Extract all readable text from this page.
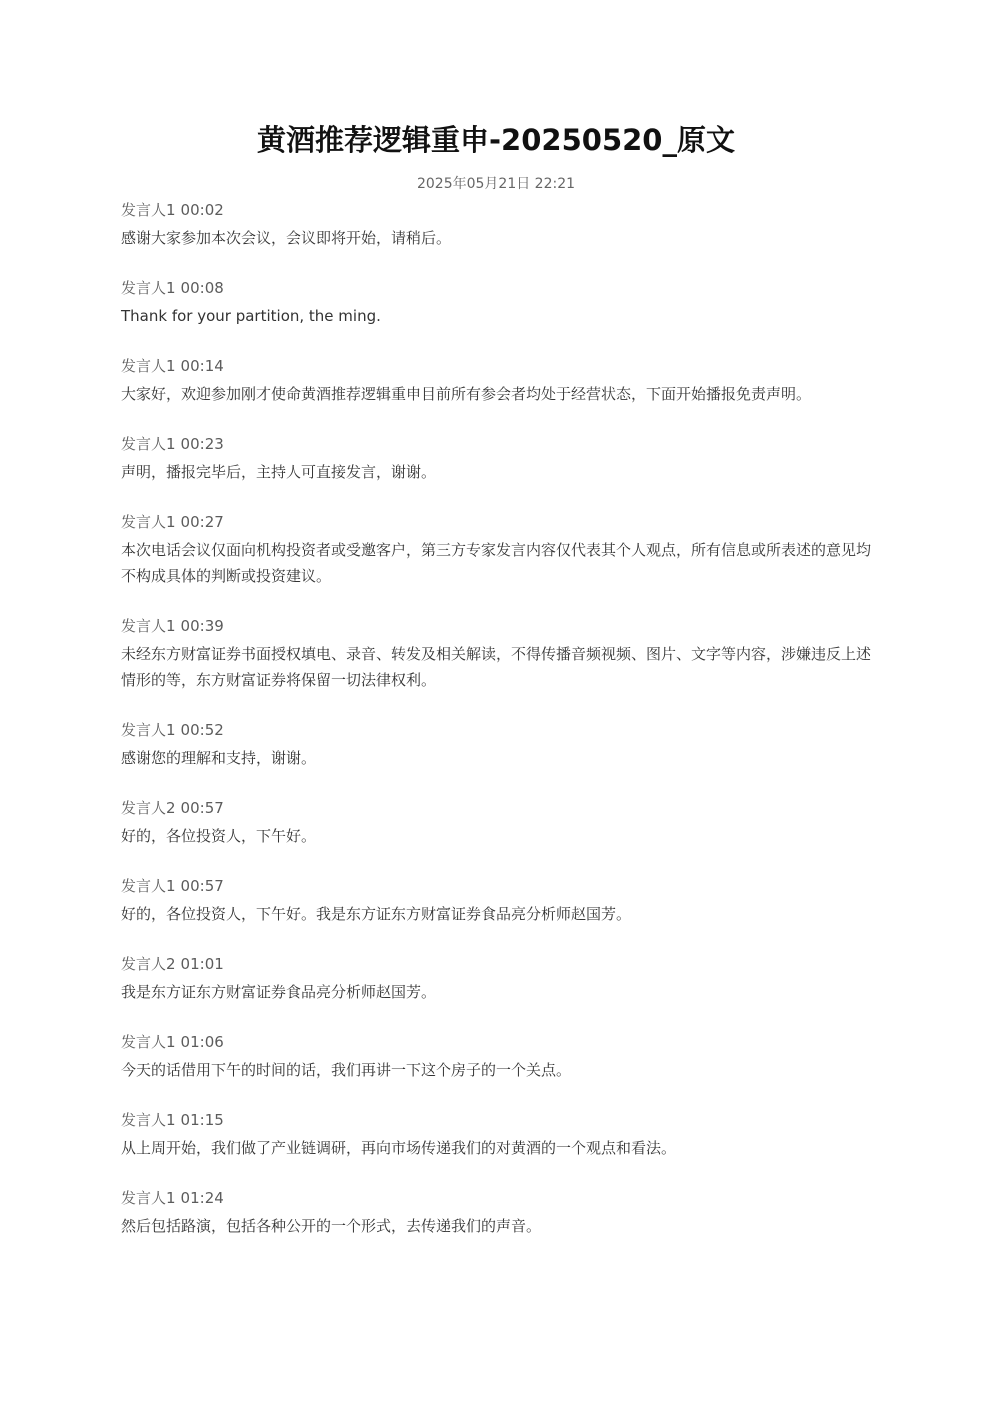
黄酒推荐逻辑重申-20250520_原文
2025年05月21日 22:21
发言人1 00:02

感谢大家参加本次会议，会议即将开始，请稍后。

发言人1 00:08

Thank for your partition, the ming.

发言人1 00:14

大家好，欢迎参加刚才使命黄酒推荐逻辑重申目前所有参会者均处于经营状态，下面开始播报免责声明。

发言人1 00:23

声明，播报完毕后，主持人可直接发言，谢谢。

发言人1 00:27

本次电话会议仅面向机构投资者或受邀客户，第三方专家发言内容仅代表其个人观点，所有信息或所表述的意见均不构成具体的判断或投资建议。

发言人1 00:39

未经东方财富证券书面授权填电、录音、转发及相关解读，不得传播音频视频、图片、文字等内容，涉嫌违反上述情形的等，东方财富证券将保留一切法律权利。

发言人1 00:52

感谢您的理解和支持，谢谢。

发言人2 00:57

好的，各位投资人，下午好。

发言人1 00:57

好的，各位投资人，下午好。我是东方证东方财富证券食品亮分析师赵国芳。

发言人2 01:01

我是东方证东方财富证券食品亮分析师赵国芳。

发言人1 01:06

今天的话借用下午的时间的话，我们再讲一下这个房子的一个关点。

发言人1 01:15

从上周开始，我们做了产业链调研，再向市场传递我们的对黄酒的一个观点和看法。

发言人1 01:24

然后包括路演，包括各种公开的一个形式，去传递我们的声音。
